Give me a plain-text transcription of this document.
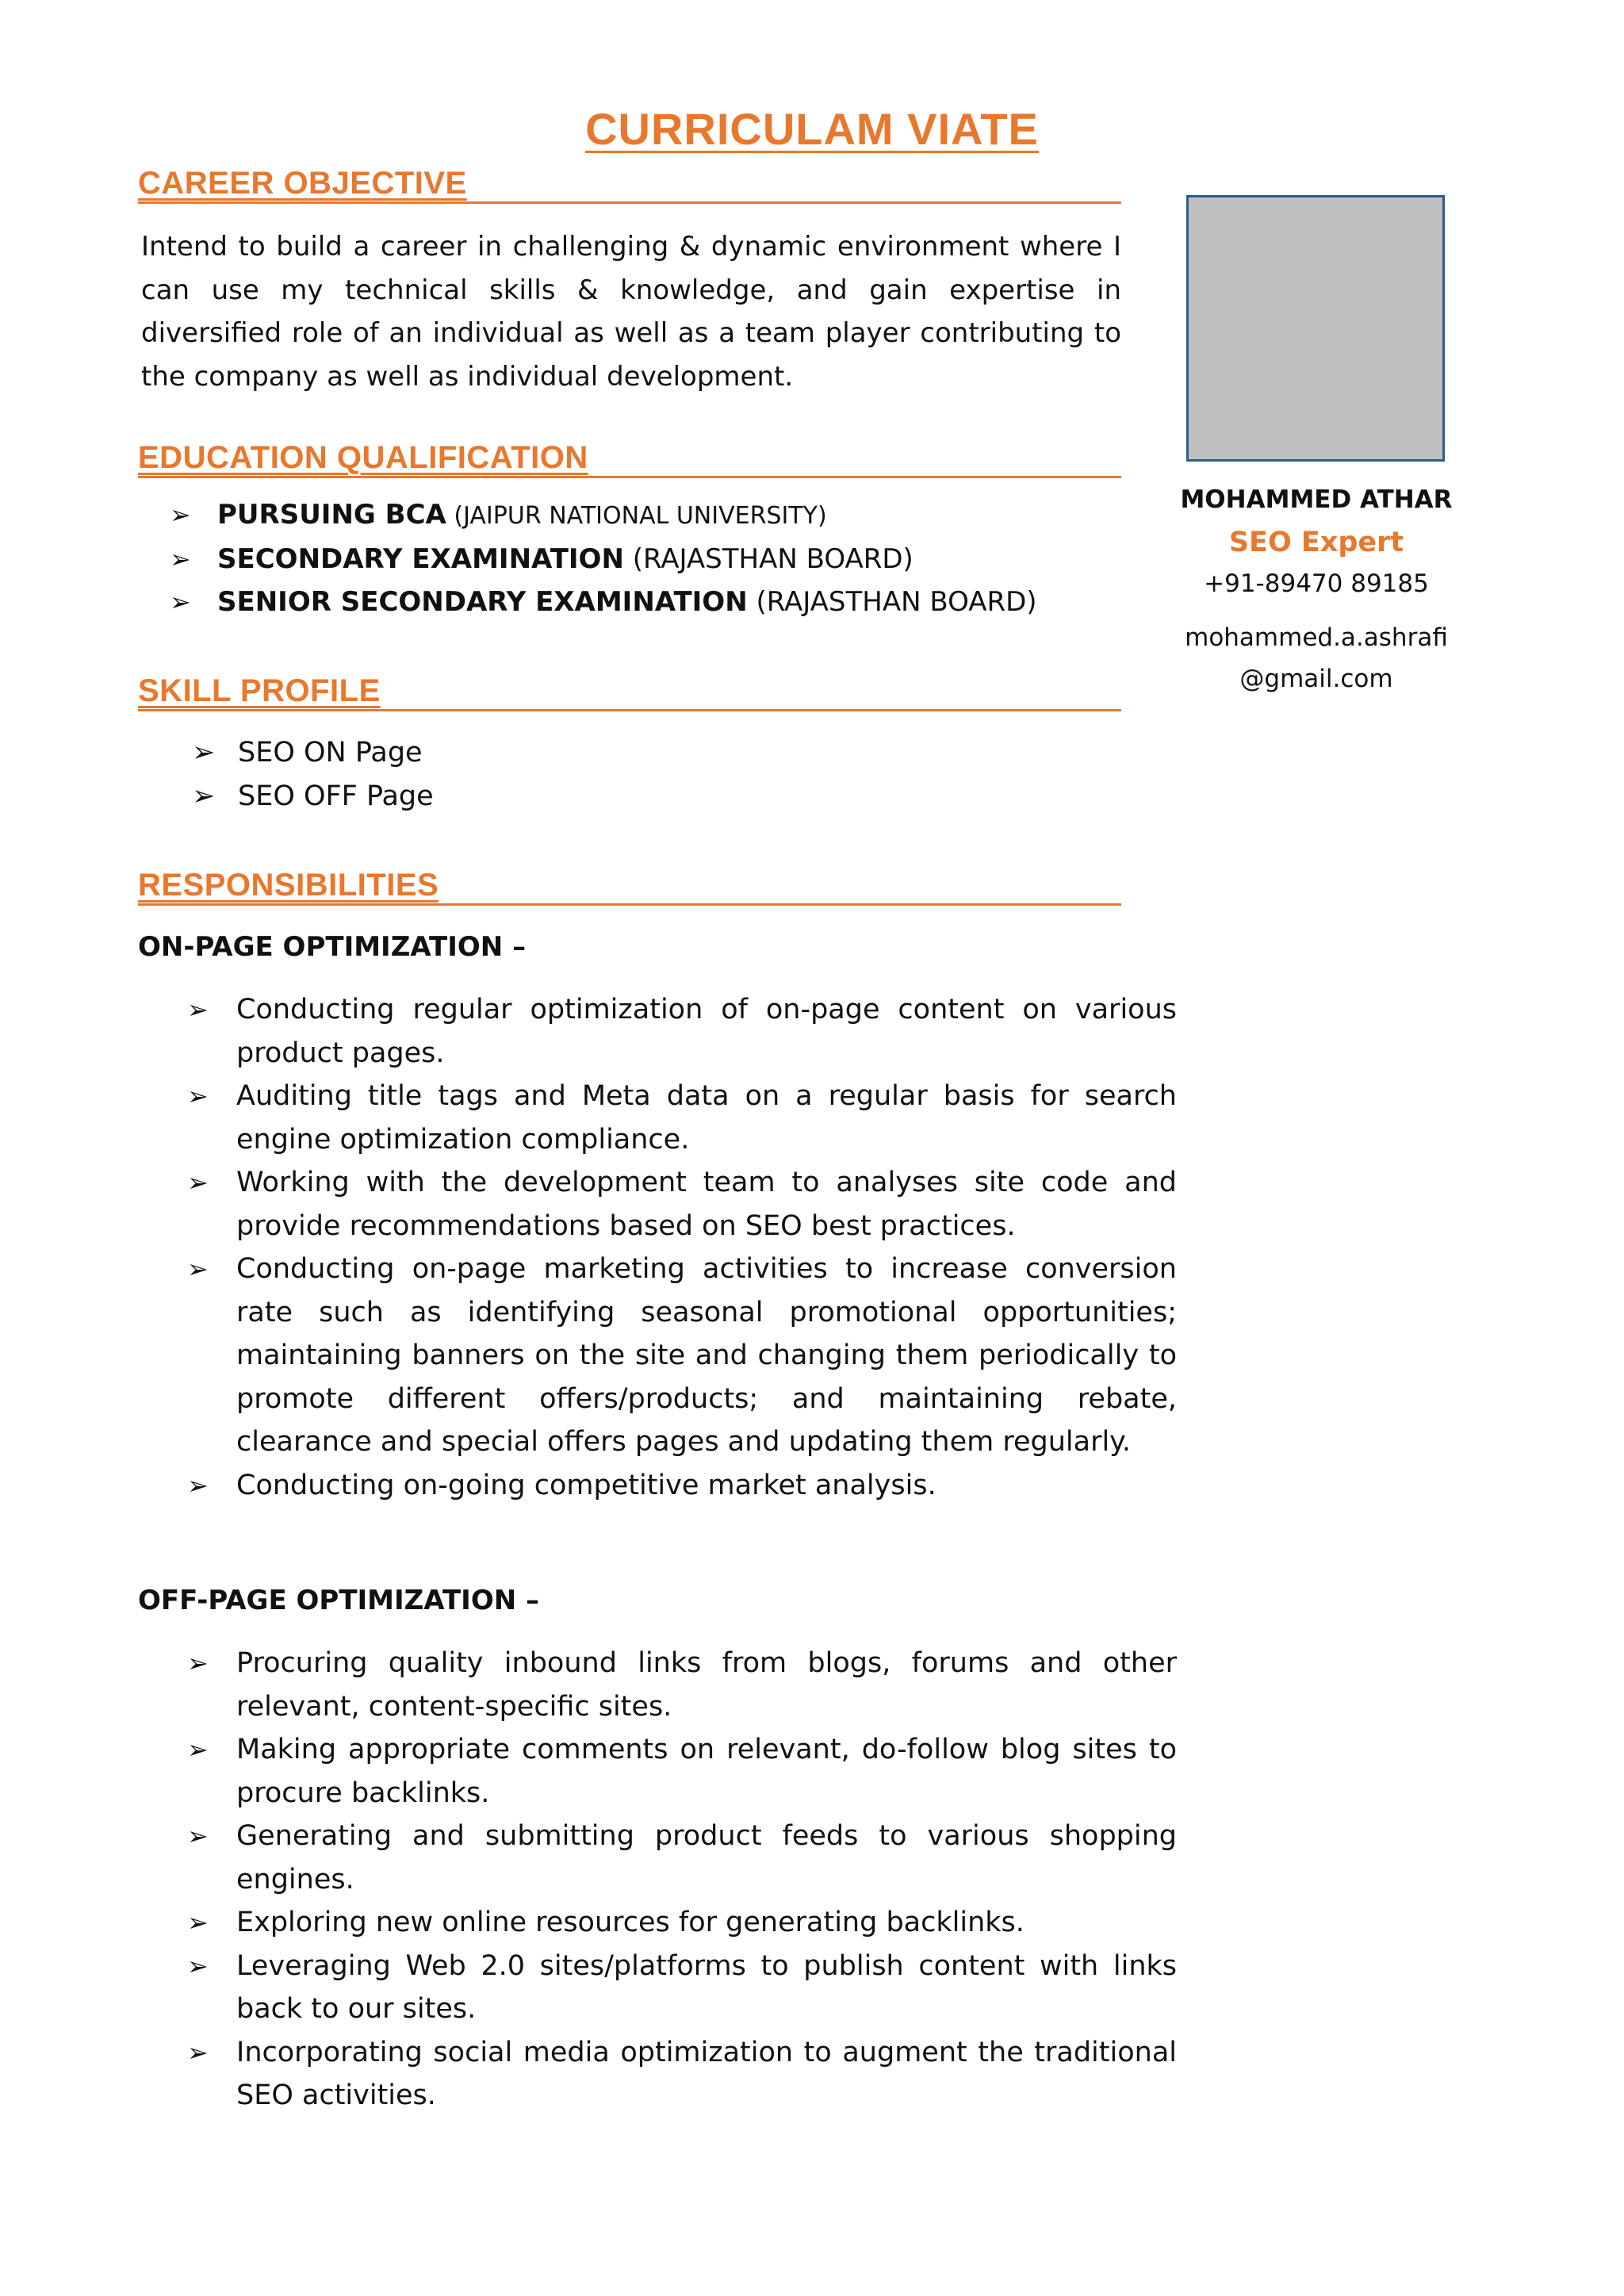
CURRICULAM VIATE
CAREER OBJECTIVE
Intend to build a career in challenging & dynamic environment where I can use my technical skills & knowledge, and gain expertise in diversified role of an individual as well as a team player contributing to the company as well as individual development.
EDUCATION QUALIFICATION
➢ PURSUING BCA (JAIPUR NATIONAL UNIVERSITY)
➢ SECONDARY EXAMINATION (RAJASTHAN BOARD)
➢ SENIOR SECONDARY EXAMINATION (RAJASTHAN BOARD)
SKILL PROFILE
➢ SEO ON Page
➢ SEO OFF Page
RESPONSIBILITIES
ON-PAGE OPTIMIZATION –
➢ Conducting regular optimization of on-page content on various product pages.
➢ Auditing title tags and Meta data on a regular basis for search engine optimization compliance.
➢ Working with the development team to analyses site code and provide recommendations based on SEO best practices.
➢ Conducting on-page marketing activities to increase conversion rate such as identifying seasonal promotional opportunities; maintaining banners on the site and changing them periodically to promote different offers/products; and maintaining rebate, clearance and special offers pages and updating them regularly.
➢ Conducting on-going competitive market analysis.
OFF-PAGE OPTIMIZATION –
➢ Procuring quality inbound links from blogs, forums and other relevant, content-specific sites.
➢ Making appropriate comments on relevant, do-follow blog sites to procure backlinks.
➢ Generating and submitting product feeds to various shopping engines.
➢ Exploring new online resources for generating backlinks.
➢ Leveraging Web 2.0 sites/platforms to publish content with links back to our sites.
➢ Incorporating social media optimization to augment the traditional SEO activities.
MOHAMMED ATHAR
SEO Expert
+91-89470 89185
mohammed.a.ashrafi
@gmail.com
